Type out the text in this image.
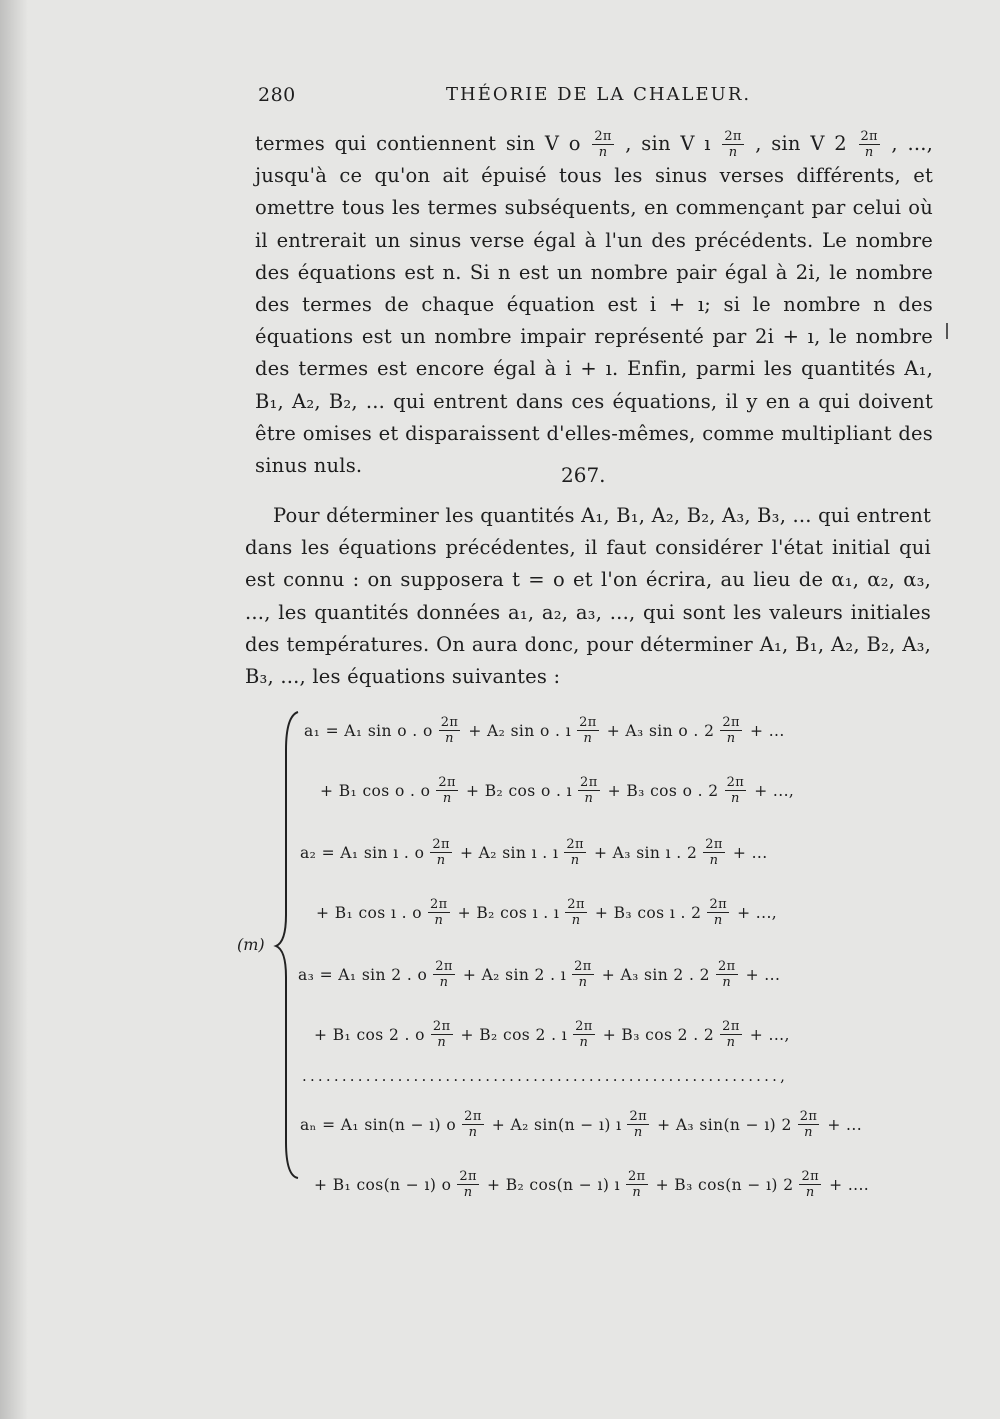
280	THÉORIE DE LA CHALEUR.
termes qui contiennent sin V o $\frac{2\pi}{n}$ , sin V ı $\frac{2\pi}{n}$ , sin V $2 \frac{2\pi}{n}$ , ..., jusqu'à ce qu'on ait épuisé tous les sinus verses différents, et omettre tous les termes subséquents, en commençant par celui où il entrerait un sinus verse égal à l'un des précédents. Le nombre des équations est n. Si n est un nombre pair égal à 2i, le nombre des termes de chaque équation est i + ı; si le nombre n des équations est un nombre impair représenté par 2i + ı, le nombre des termes est encore égal à i + ı. Enfin, parmi les quantités A₁, B₁, A₂, B₂, ... qui entrent dans ces équations, il y en a qui doivent être omises et disparaissent d'elles-mêmes, comme multipliant des sinus nuls.	267.
Pour déterminer les quantités A₁, B₁, A₂, B₂, A₃, B₃, ... qui entrent dans les équations précédentes, il faut considérer l'état initial qui est connu : on supposera t = o et l'on écrira, au lieu de α₁, α₂, α₃, ..., les quantités données a₁, a₂, a₃, ..., qui sont les valeurs initiales des températures. On aura donc, pour déterminer A₁, B₁, A₂, B₂, A₃, B₃, ..., les équations suivantes :
(m)
a₁ = A₁ sin o . o $\frac{2\pi}{n} + A_2$ sin o . ı $\frac{2\pi}{n} + A_3$ sin o . $2 \frac{2\pi}{n}$ + ...
+ B₁ cos o . o $\frac{2\pi}{n} + B_2$ cos o . ı $\frac{2\pi}{n} + B_3$ cos o . $2 \frac{2\pi}{n}$ + ...,
a₂ = A₁ sin ı . o $\frac{2\pi}{n} + A_2$ sin ı . ı $\frac{2\pi}{n} + A_3$ sin ı . $2 \frac{2\pi}{n}$ + ...
+ B₁ cos ı . o $\frac{2\pi}{n} + B_2$ cos ı . ı $\frac{2\pi}{n} + B_3$ cos ı . $2 \frac{2\pi}{n}$ + ...,
a₃ = A₁ sin 2 . o $\frac{2\pi}{n} + A_2$ sin 2 . ı $\frac{2\pi}{n} + A_3$ sin 2 . $2 \frac{2\pi}{n}$ + ...
+ B₁ cos 2 . o $\frac{2\pi}{n} + B_2$ cos 2 . ı $\frac{2\pi}{n} + B_3$ cos 2 . $2 \frac{2\pi}{n}$ + ...,
aₙ = A₁ sin(n − ı) o $\frac{2\pi}{n} + A_2$ sin(n − ı) ı $\frac{2\pi}{n} + A_3$ sin(n − ı) $2 \frac{2\pi}{n}$ + ...
+ B₁ cos(n − ı) o $\frac{2\pi}{n} + B_2$ cos(n − ı) ı $\frac{2\pi}{n} + B_3$ cos(n − ı) $2 \frac{2\pi}{n}$ + ....
............................................................,
